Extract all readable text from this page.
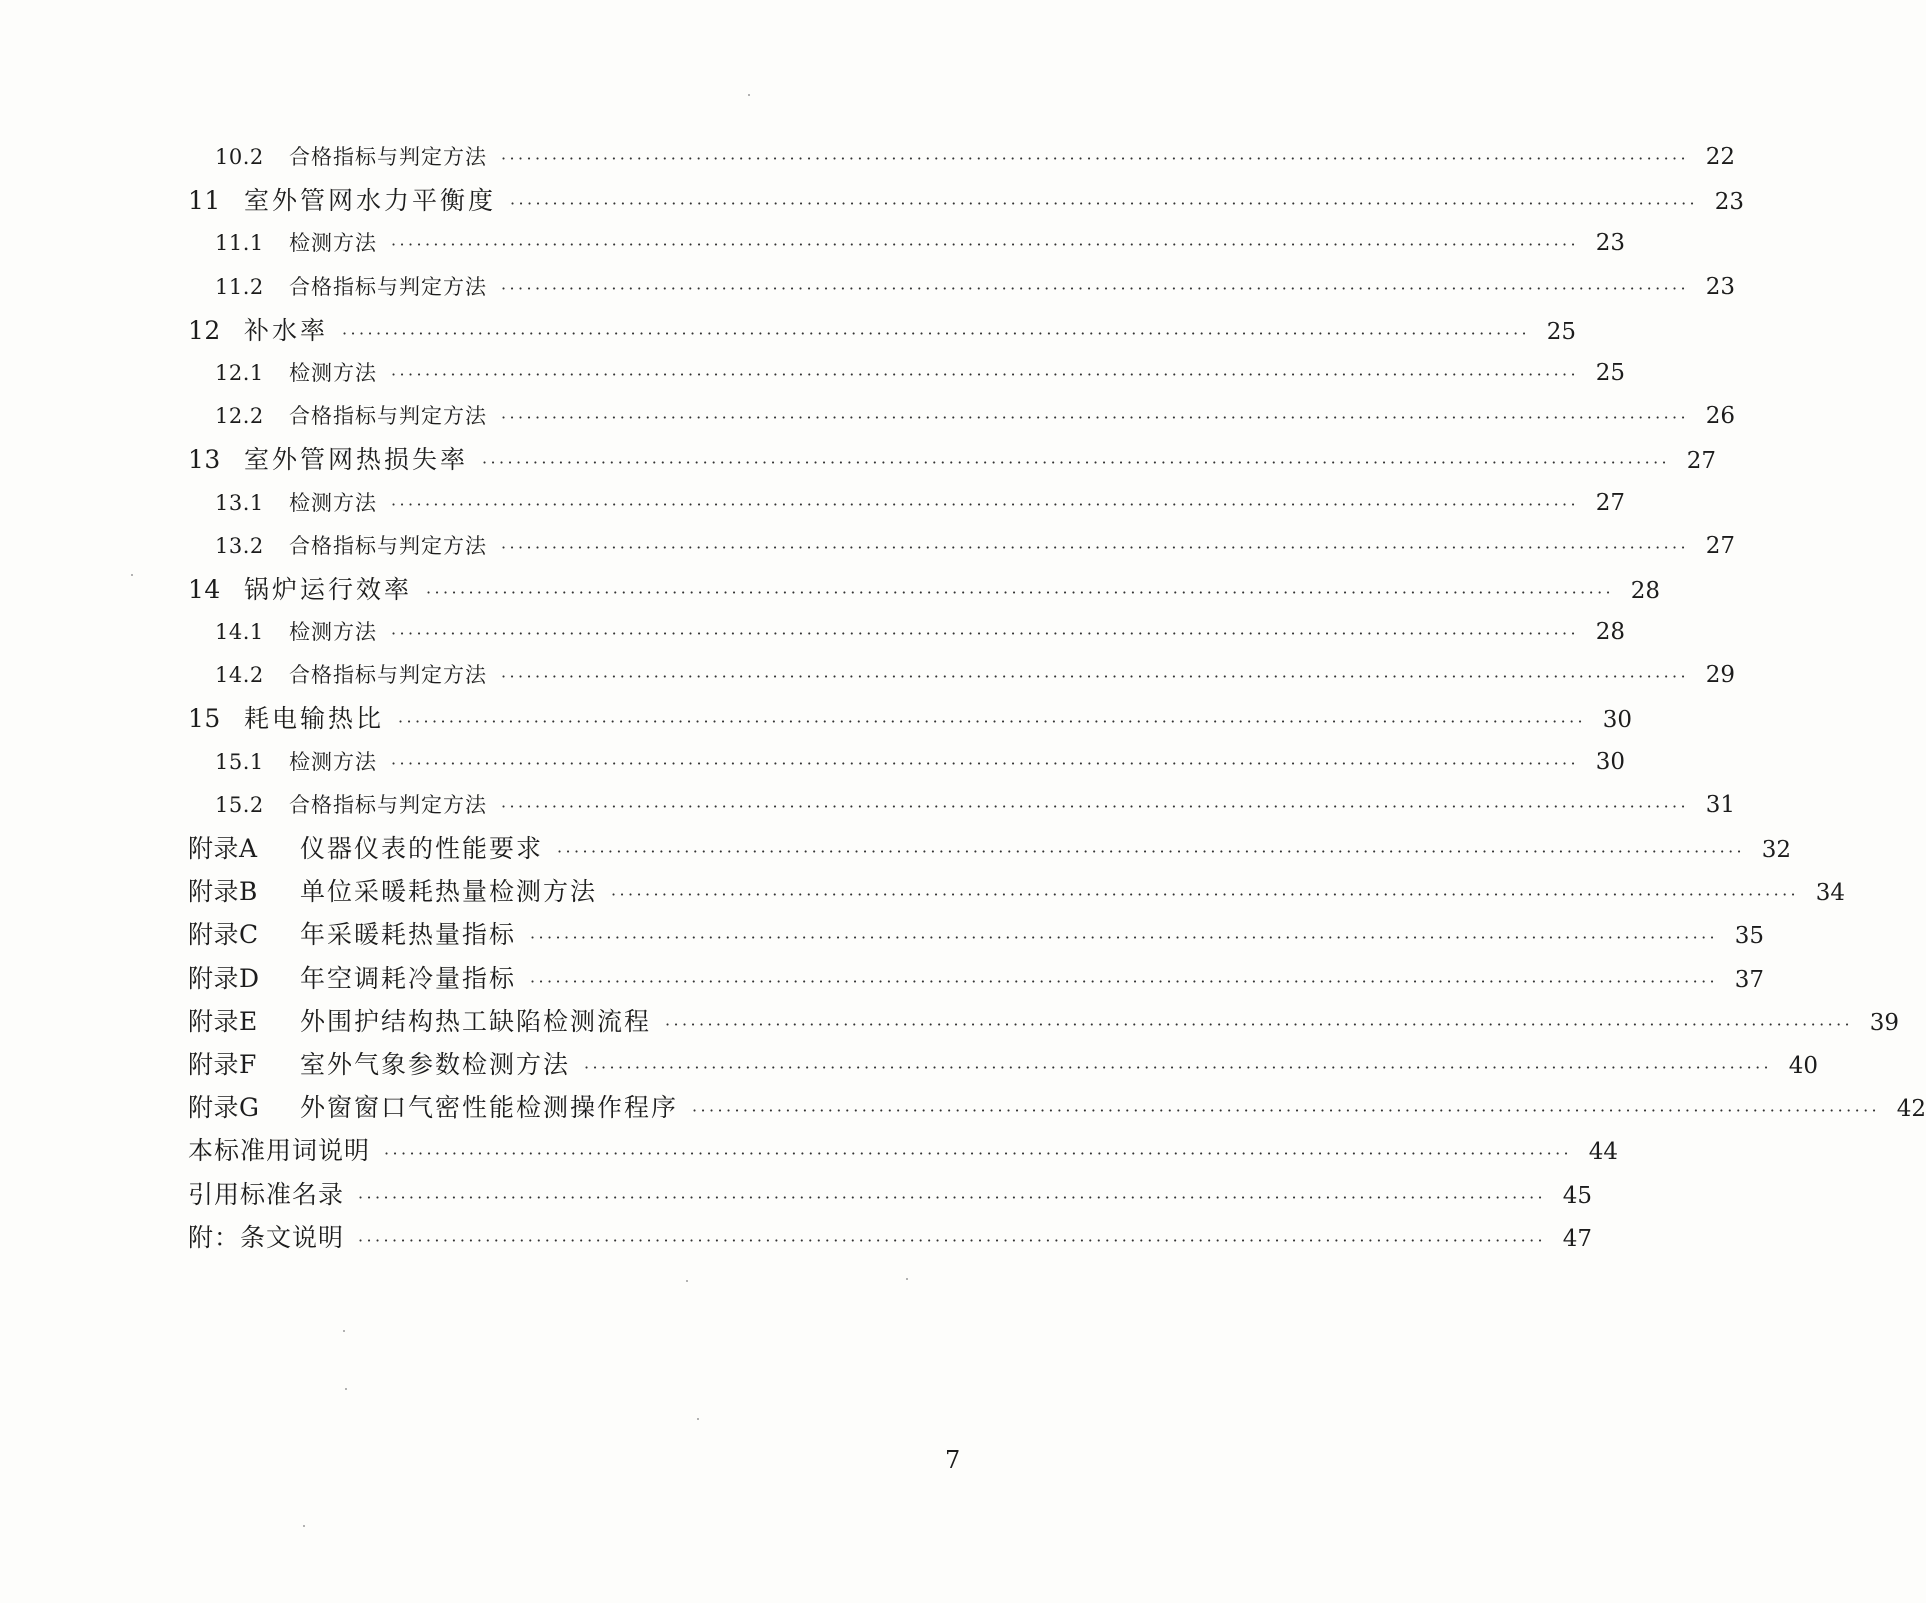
10.2	合格指标与判定方法 ············································································································································ 22
11 室外管网水力平衡度 ············································································································································ 23
11.1	检测方法 ············································································································································ 23
11.2	合格指标与判定方法 ············································································································································ 23
12 补水率 ············································································································································ 25
12.1	检测方法 ············································································································································ 25
12.2	合格指标与判定方法 ············································································································································ 26
13 室外管网热损失率 ············································································································································ 27
13.1	检测方法 ············································································································································ 27
13.2	合格指标与判定方法 ············································································································································ 27
14 锅炉运行效率 ············································································································································ 28
14.1	检测方法 ············································································································································ 28
14.2	合格指标与判定方法 ············································································································································ 29
15 耗电输热比 ············································································································································ 30
15.1	检测方法 ············································································································································ 30
15.2	合格指标与判定方法 ············································································································································ 31
附录A	仪器仪表的性能要求 ············································································································································ 32
附录B	单位采暖耗热量检测方法 ············································································································································ 34
附录C	年采暖耗热量指标 ············································································································································ 35
附录D	年空调耗冷量指标 ············································································································································ 37
附录E	外围护结构热工缺陷检测流程 ············································································································································ 39
附录F	室外气象参数检测方法 ············································································································································ 40
附录G	外窗窗口气密性能检测操作程序 ············································································································································ 42
本标准用词说明 ············································································································································ 44
引用标准名录 ············································································································································ 45
附：条文说明 ············································································································································ 47
7
